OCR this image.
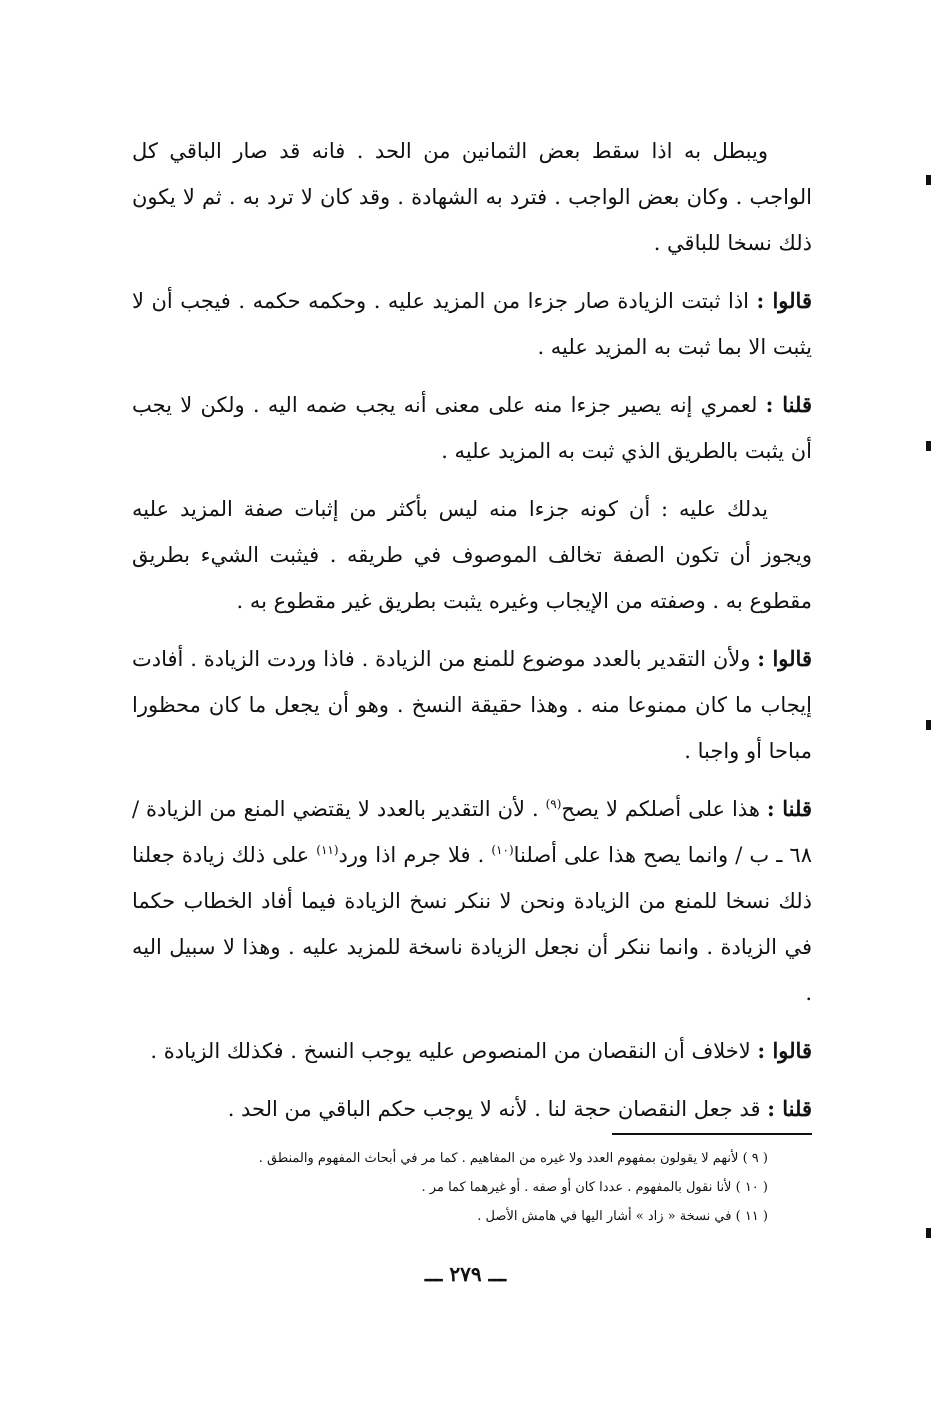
ويبطل به اذا سقط بعض الثمانين من الحد . فانه قد صار الباقي كل الواجب . وكان بعض الواجب . فترد به الشهادة . وقد كان لا ترد به . ثم لا يكون ذلك نسخا للباقي .

قالوا : اذا ثبتت الزيادة صار جزءا من المزيد عليه . وحكمه حكمه . فيجب أن لا يثبت الا بما ثبت به المزيد عليه .

قلنا : لعمري إنه يصير جزءا منه على معنى أنه يجب ضمه اليه . ولكن لا يجب أن يثبت بالطريق الذي ثبت به المزيد عليه .

يدلك عليه : أن كونه جزءا منه ليس بأكثر من إثبات صفة المزيد عليه ويجوز أن تكون الصفة تخالف الموصوف في طريقه . فيثبت الشيء بطريق مقطوع به . وصفته من الإيجاب وغيره يثبت بطريق غير مقطوع به .

قالوا : ولأن التقدير بالعدد موضوع للمنع من الزيادة . فاذا وردت الزيادة . أفادت إيجاب ما كان ممنوعا منه . وهذا حقيقة النسخ . وهو أن يجعل ما كان محظورا مباحا أو واجبا .

قلنا : هذا على أصلكم لا يصح$^{(٩)}$ . لأن التقدير بالعدد لا يقتضي المنع من الزيادة / ٦٨ ـ ب / وانما يصح هذا على أصلنا$^{(١٠)}$ . فلا جرم اذا ورد$^{(١١)}$ على ذلك زيادة جعلنا ذلك نسخا للمنع من الزيادة ونحن لا ننكر نسخ الزيادة فيما أفاد الخطاب حكما في الزيادة . وانما ننكر أن نجعل الزيادة ناسخة للمزيد عليه . وهذا لا سبيل اليه .

قالوا : لاخلاف أن النقصان من المنصوص عليه يوجب النسخ . فكذلك الزيادة .

قلنا : قد جعل النقصان حجة لنا . لأنه لا يوجب حكم الباقي من الحد .

( ٩ ) لأنهم لا يقولون بمفهوم العدد ولا غيره من المفاهيم . كما مر في أبحاث المفهوم والمنطق .

( ١٠ ) لأنا نقول بالمفهوم . عددا كان أو صفه . أو غيرهما كما مر .

( ١١ ) في نسخة « زاد » أشار اليها في هامش الأصل .

ـــ ٢٧٩ ـــ
